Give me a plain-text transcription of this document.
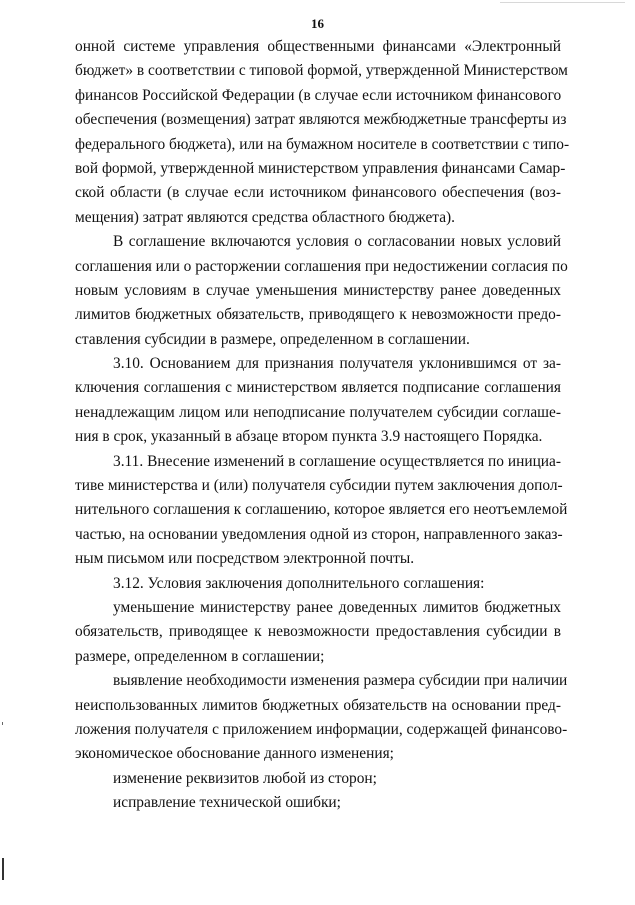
16
онной системе управления общественными финансами «Электронный
бюджет» в соответствии с типовой формой, утвержденной Министерством
финансов Российской Федерации (в случае если источником финансового
обеспечения (возмещения) затрат являются межбюджетные трансферты из
федерального бюджета), или на бумажном носителе в соответствии с типо-
вой формой, утвержденной министерством управления финансами Самар-
ской области (в случае если источником финансового обеспечения (воз-
мещения) затрат являются средства областного бюджета).
В соглашение включаются условия о согласовании новых условий
соглашения или о расторжении соглашения при недостижении согласия по
новым условиям в случае уменьшения министерству ранее доведенных
лимитов бюджетных обязательств, приводящего к невозможности предо-
ставления субсидии в размере, определенном в соглашении.
3.10. Основанием для признания получателя уклонившимся от за-
ключения соглашения с министерством является подписание соглашения
ненадлежащим лицом или неподписание получателем субсидии соглаше-
ния в срок, указанный в абзаце втором пункта 3.9 настоящего Порядка.
3.11. Внесение изменений в соглашение осуществляется по инициа-
тиве министерства и (или) получателя субсидии путем заключения допол-
нительного соглашения к соглашению, которое является его неотъемлемой
частью, на основании уведомления одной из сторон, направленного заказ-
ным письмом или посредством электронной почты.
3.12. Условия заключения дополнительного соглашения:
уменьшение министерству ранее доведенных лимитов бюджетных
обязательств, приводящее к невозможности предоставления субсидии в
размере, определенном в соглашении;
выявление необходимости изменения размера субсидии при наличии
неиспользованных лимитов бюджетных обязательств на основании пред-
ложения получателя с приложением информации, содержащей финансово-
экономическое обоснование данного изменения;
изменение реквизитов любой из сторон;
исправление технической ошибки;
